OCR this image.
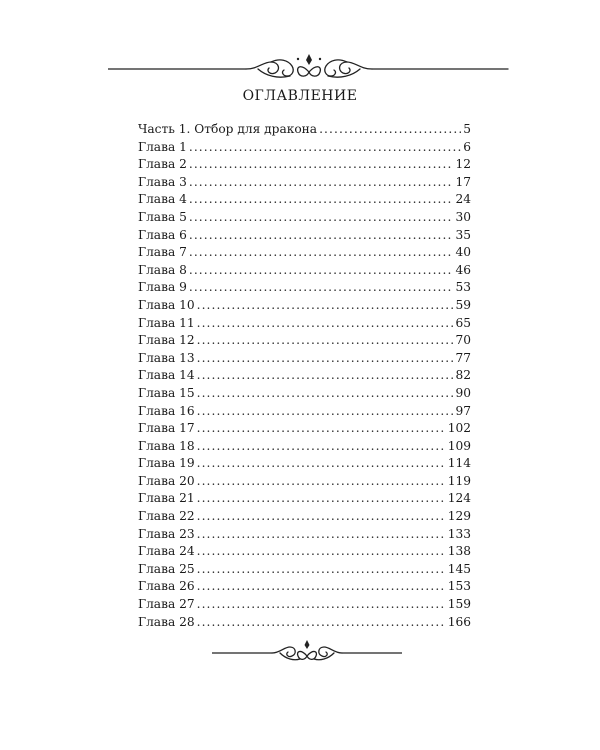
ОГЛАВЛЕНИЕ
Часть 1. Отбор для дракона .....	5
Глава 1 .....	6
Глава 2 .....	12
Глава 3 .....	17
Глава 4 .....	24
Глава 5 .....	30
Глава 6 .....	35
Глава 7 .....	40
Глава 8 .....	46
Глава 9 .....	53
Глава 10 .....	59
Глава 11 .....	65
Глава 12 .....	70
Глава 13 .....	77
Глава 14 .....	82
Глава 15 .....	90
Глава 16 .....	97
Глава 17 .....	102
Глава 18 .....	109
Глава 19 .....	114
Глава 20 .....	119
Глава 21 .....	124
Глава 22 .....	129
Глава 23 .....	133
Глава 24 .....	138
Глава 25 .....	145
Глава 26 .....	153
Глава 27 .....	159
Глава 28 .....	166
